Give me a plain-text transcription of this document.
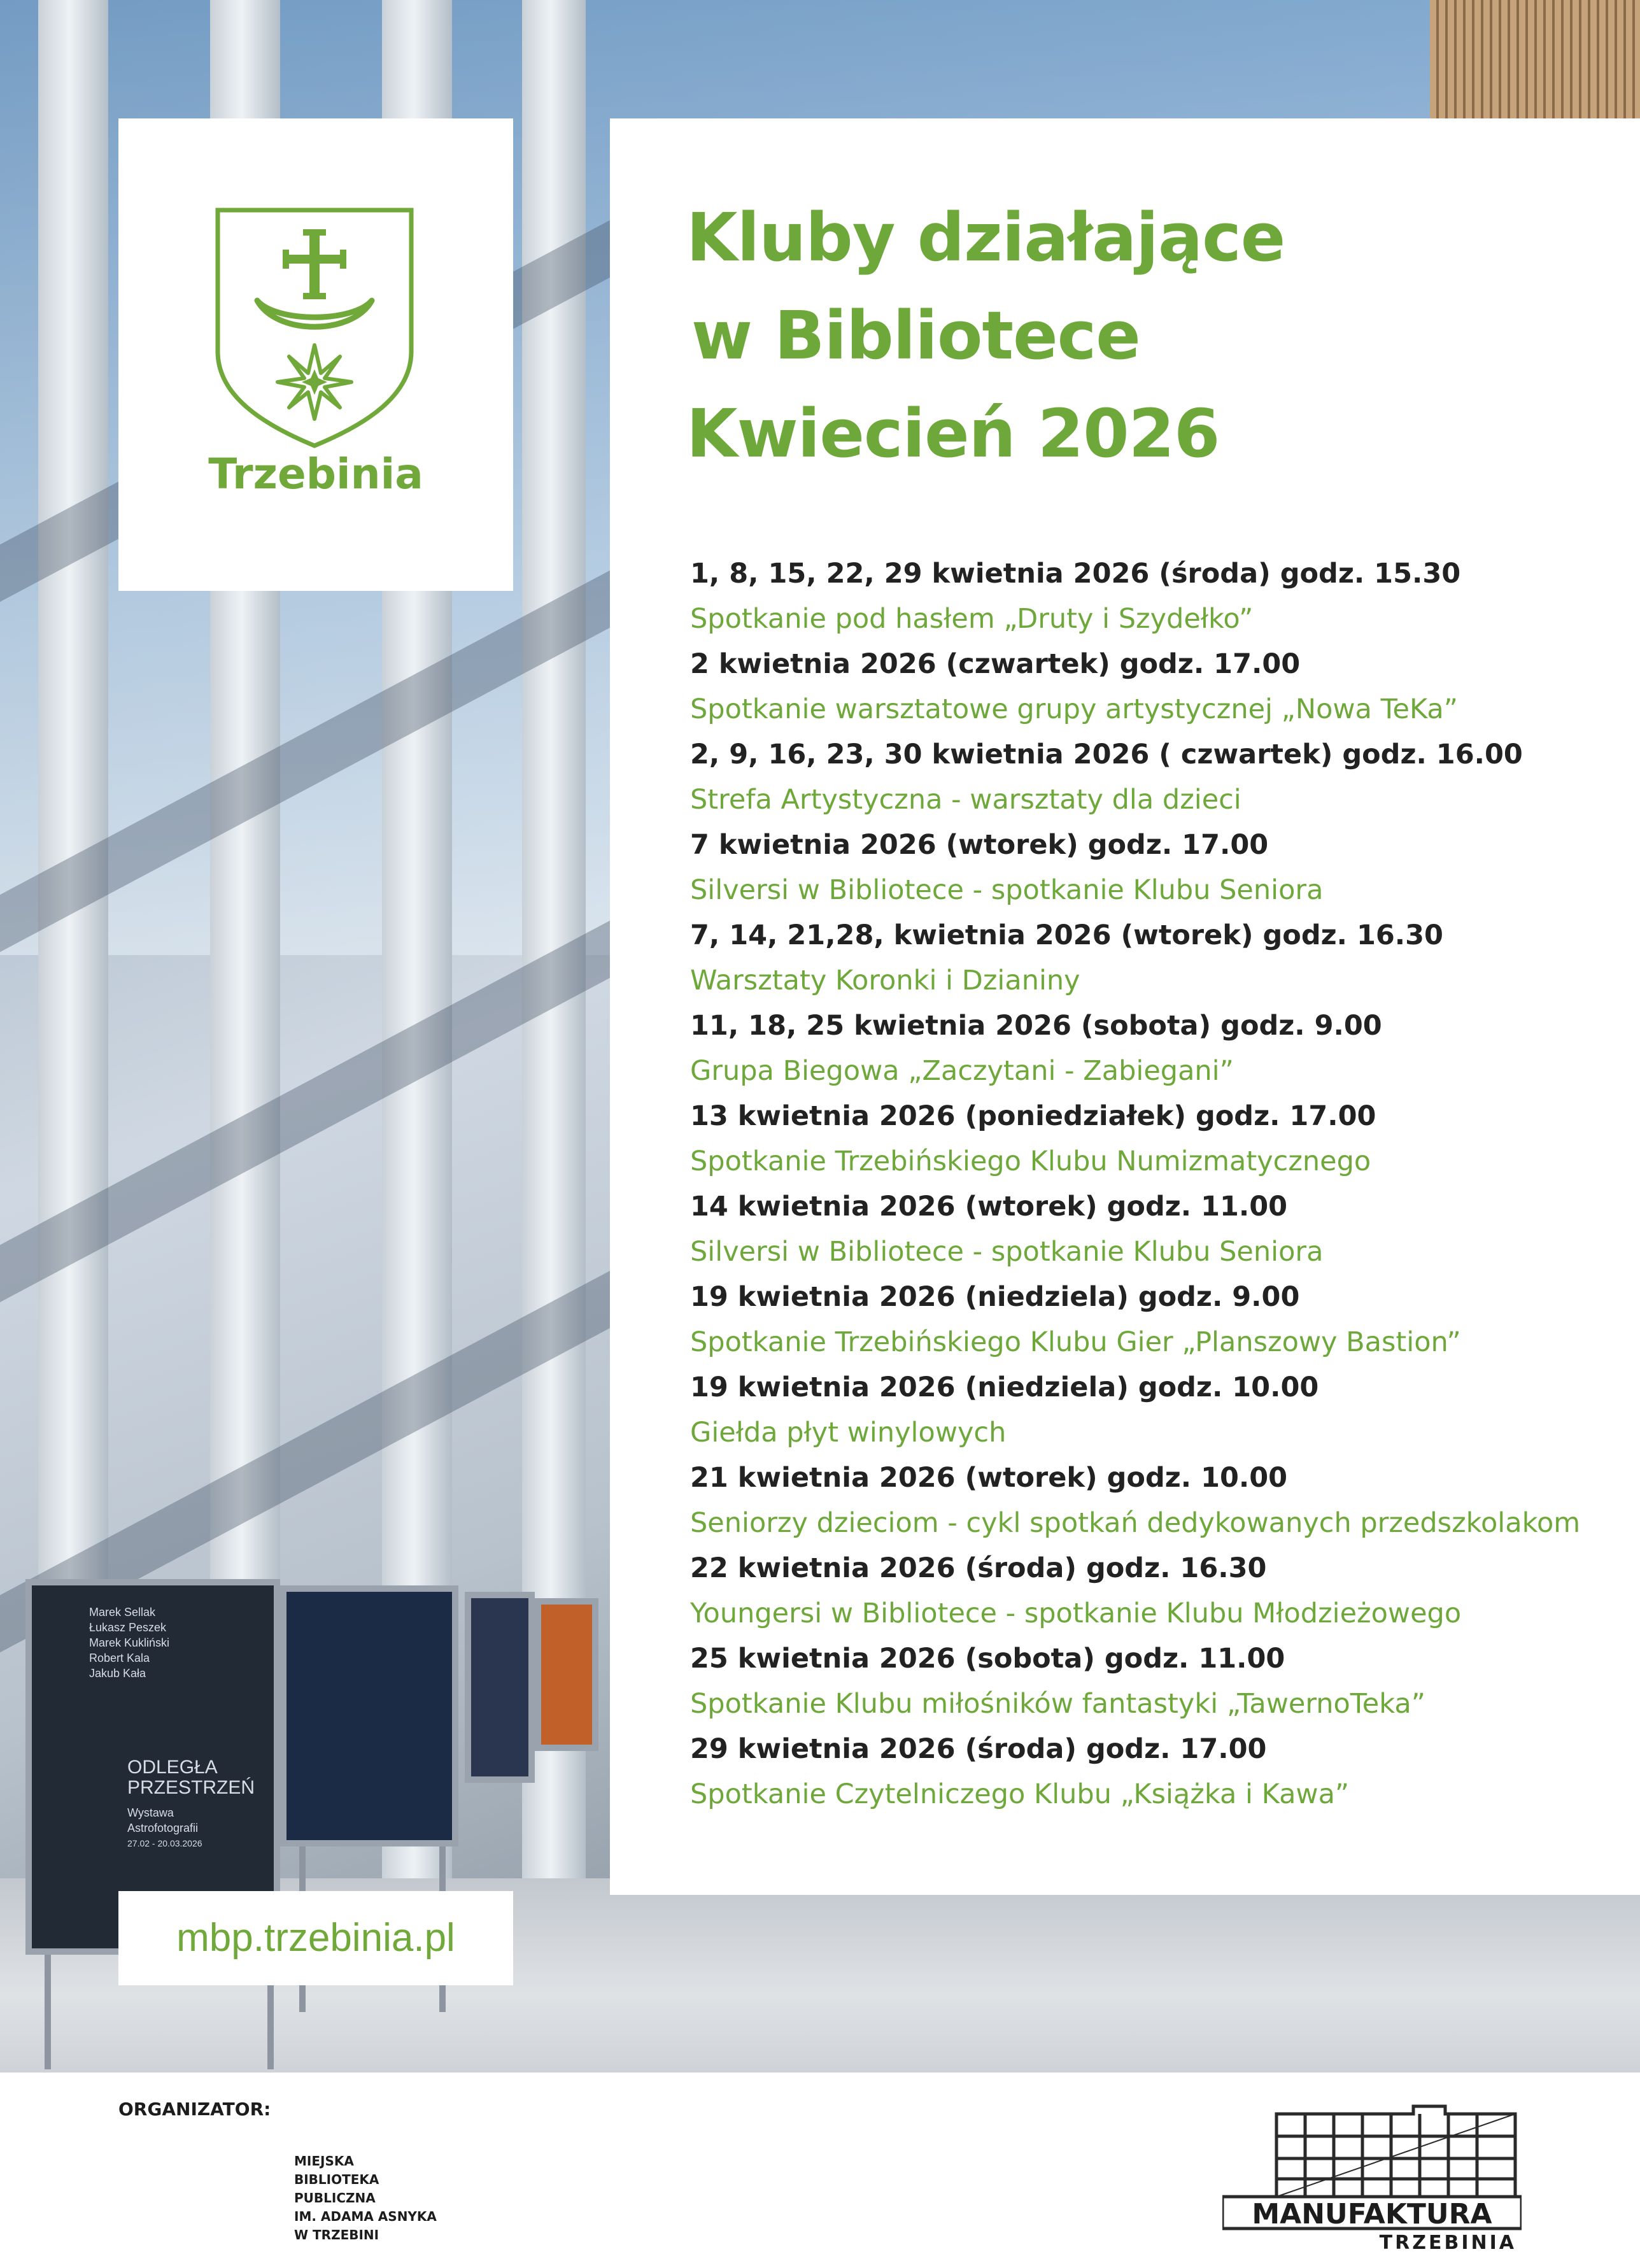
Marek Sellak
Łukasz Peszek
Marek Kukliński
Robert Kala
Jakub Kała
ODLEGŁA
PRZESTRZEŃ
Wystawa
Astrofotografii
27.02 - 20.03.2026
Trzebinia
Kluby działające
w Bibliotece
Kwiecień 2026
1, 8, 15, 22, 29 kwietnia 2026 (środa) godz. 15.30
Spotkanie pod hasłem „Druty i Szydełko”
2 kwietnia 2026 (czwartek) godz. 17.00
Spotkanie warsztatowe grupy artystycznej „Nowa TeKa”
2, 9, 16, 23, 30 kwietnia 2026 ( czwartek) godz. 16.00
Strefa Artystyczna - warsztaty dla dzieci
7 kwietnia 2026 (wtorek) godz. 17.00
Silversi w Bibliotece - spotkanie Klubu Seniora
7, 14, 21,28, kwietnia 2026 (wtorek) godz. 16.30
Warsztaty Koronki i Dzianiny
11, 18, 25 kwietnia 2026 (sobota) godz. 9.00
Grupa Biegowa „Zaczytani - Zabiegani”
13 kwietnia 2026 (poniedziałek) godz. 17.00
Spotkanie Trzebińskiego Klubu Numizmatycznego
14 kwietnia 2026 (wtorek) godz. 11.00
Silversi w Bibliotece - spotkanie Klubu Seniora
19 kwietnia 2026 (niedziela) godz. 9.00
Spotkanie Trzebińskiego Klubu Gier „Planszowy Bastion”
19 kwietnia 2026 (niedziela) godz. 10.00
Giełda płyt winylowych
21 kwietnia 2026 (wtorek) godz. 10.00
Seniorzy dzieciom - cykl spotkań dedykowanych przedszkolakom
22 kwietnia 2026 (środa) godz. 16.30
Youngersi w Bibliotece - spotkanie Klubu Młodzieżowego
25 kwietnia 2026 (sobota) godz. 11.00
Spotkanie Klubu miłośników fantastyki „TawernoTeka”
29 kwietnia 2026 (środa) godz. 17.00
Spotkanie Czytelniczego Klubu „Książka i Kawa”
mbp.trzebinia.pl
ORGANIZATOR:
MIEJSKA
BIBLIOTEKA
PUBLICZNA
IM. ADAMA ASNYKA
W TRZEBINI
MANUFAKTURA
TRZEBINIA
